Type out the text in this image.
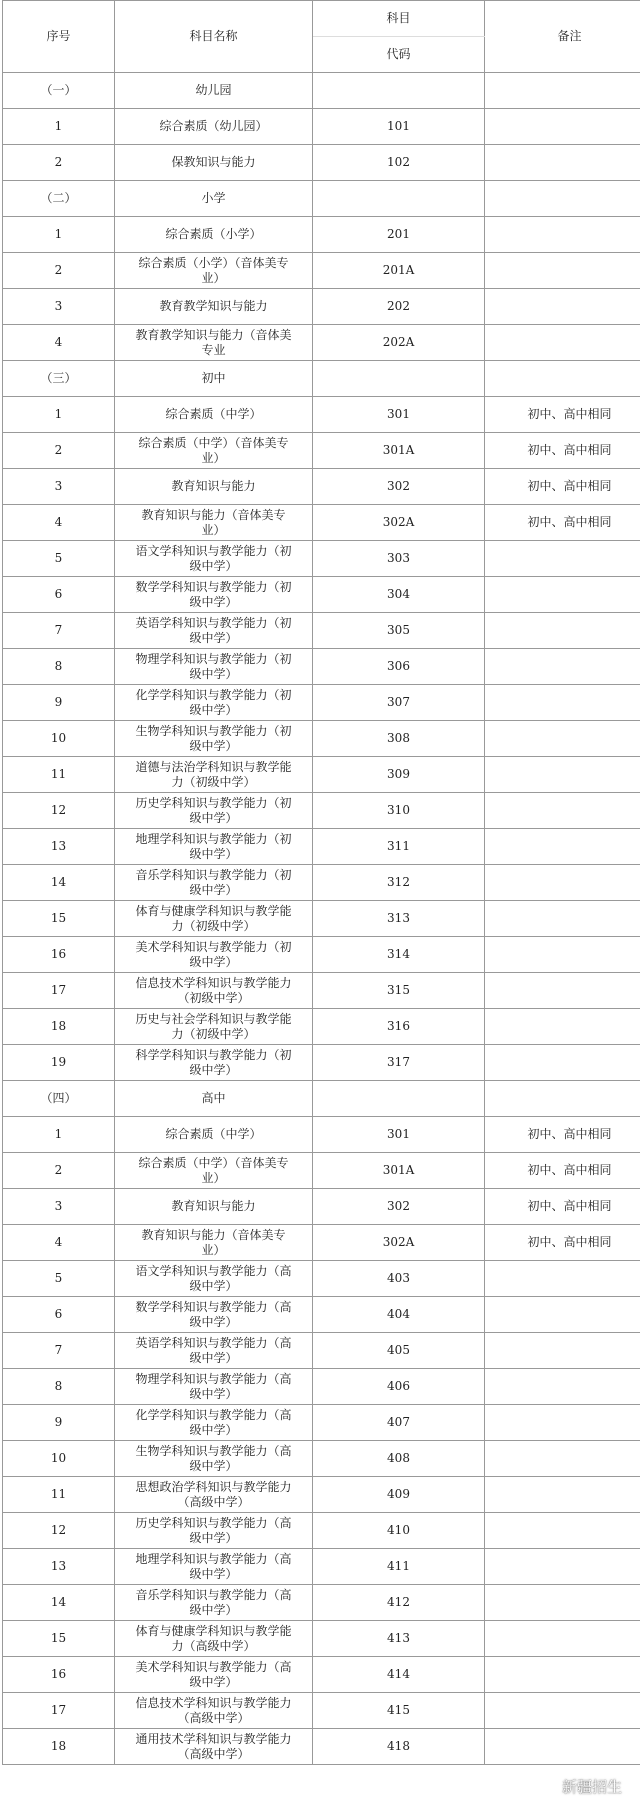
序号	科目名称	科目	备注
		代码	
（一）	幼儿园		
1	综合素质（幼儿园）	101	
2	保教知识与能力	102	
（二）	小学		
1	综合素质（小学）	201	
2	综合素质（小学）（音体美专业）	201A	
3	教育教学知识与能力	202	
4	教育教学知识与能力（音体美专业	202A	
（三）	初中		
1	综合素质（中学）	301	初中、高中相同
2	综合素质（中学）（音体美专业）	301A	初中、高中相同
3	教育知识与能力	302	初中、高中相同
4	教育知识与能力（音体美专业）	302A	初中、高中相同
5	语文学科知识与教学能力（初级中学）	303	
6	数学学科知识与教学能力（初级中学）	304	
7	英语学科知识与教学能力（初级中学）	305	
8	物理学科知识与教学能力（初级中学）	306	
9	化学学科知识与教学能力（初级中学）	307	
10	生物学科知识与教学能力（初级中学）	308	
11	道德与法治学科知识与教学能力（初级中学）	309	
12	历史学科知识与教学能力（初级中学）	310	
13	地理学科知识与教学能力（初级中学）	311	
14	音乐学科知识与教学能力（初级中学）	312	
15	体育与健康学科知识与教学能力（初级中学）	313	
16	美术学科知识与教学能力（初级中学）	314	
17	信息技术学科知识与教学能力（初级中学）	315	
18	历史与社会学科知识与教学能力（初级中学）	316	
19	科学学科知识与教学能力（初级中学）	317	
（四）	高中		
1	综合素质（中学）	301	初中、高中相同
2	综合素质（中学）（音体美专业）	301A	初中、高中相同
3	教育知识与能力	302	初中、高中相同
4	教育知识与能力（音体美专业）	302A	初中、高中相同
5	语文学科知识与教学能力（高级中学）	403	
6	数学学科知识与教学能力（高级中学）	404	
7	英语学科知识与教学能力（高级中学）	405	
8	物理学科知识与教学能力（高级中学）	406	
9	化学学科知识与教学能力（高级中学）	407	
10	生物学科知识与教学能力（高级中学）	408	
11	思想政治学科知识与教学能力（高级中学）	409	
12	历史学科知识与教学能力（高级中学）	410	
13	地理学科知识与教学能力（高级中学）	411	
14	音乐学科知识与教学能力（高级中学）	412	
15	体育与健康学科知识与教学能力（高级中学）	413	
16	美术学科知识与教学能力（高级中学）	414	
17	信息技术学科知识与教学能力（高级中学）	415	
18	通用技术学科知识与教学能力（高级中学）	418	
新疆招生
